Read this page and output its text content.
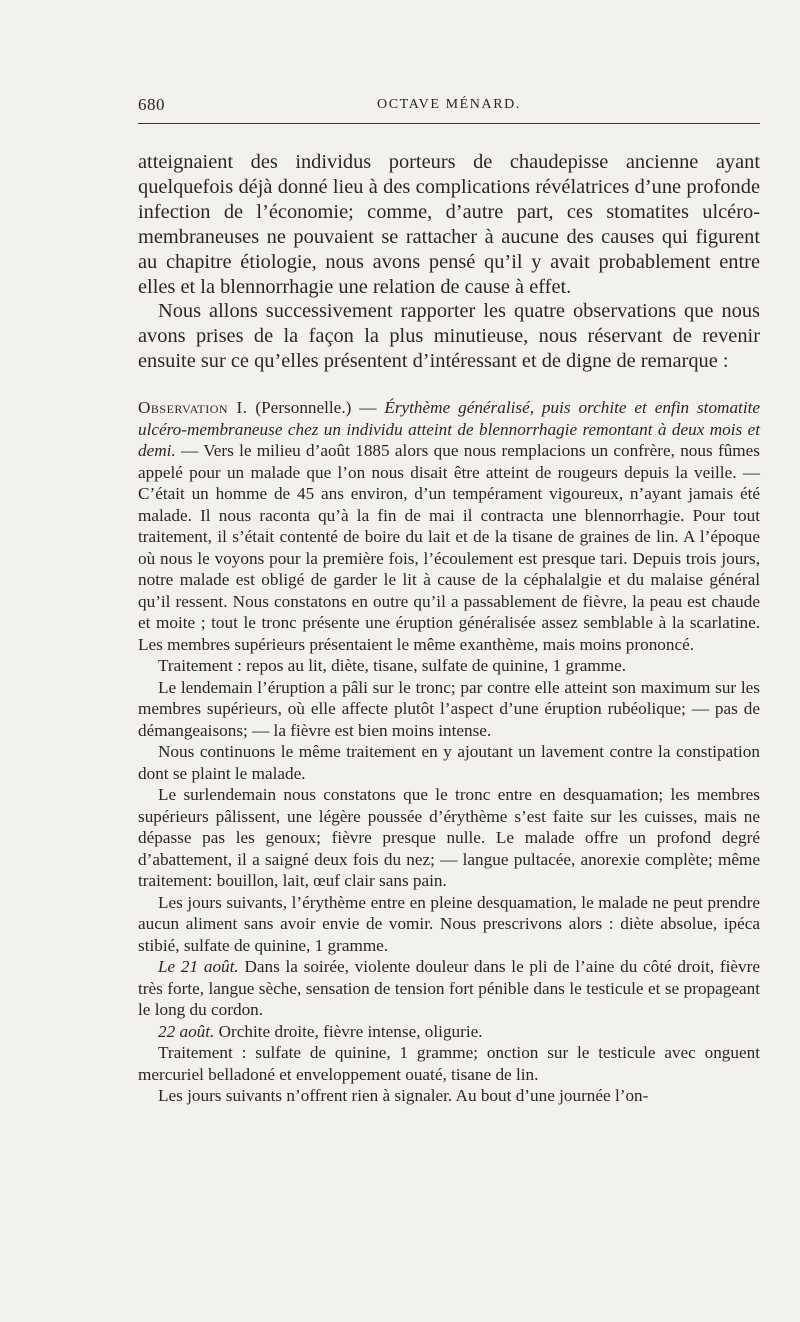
680	OCTAVE MÉNARD.

atteignaient des individus porteurs de chaudepisse ancienne ayant quelquefois déjà donné lieu à des complications révélatrices d’une profonde infection de l’économie; comme, d’autre part, ces stomatites ulcéro-membraneuses ne pouvaient se rattacher à aucune des causes qui figurent au chapitre étiologie, nous avons pensé qu’il y avait probablement entre elles et la blennorrhagie une relation de cause à effet.

Nous allons successivement rapporter les quatre observations que nous avons prises de la façon la plus minutieuse, nous réservant de revenir ensuite sur ce qu’elles présentent d’intéressant et de digne de remarque :

Observation I. (Personnelle.) — Érythème généralisé, puis orchite et enfin stomatite ulcéro-membraneuse chez un individu atteint de blennorrhagie remontant à deux mois et demi. — Vers le milieu d’août 1885 alors que nous remplacions un confrère, nous fûmes appelé pour un malade que l’on nous disait être atteint de rougeurs depuis la veille. — C’était un homme de 45 ans environ, d’un tempérament vigoureux, n’ayant jamais été malade. Il nous raconta qu’à la fin de mai il contracta une blennorrhagie. Pour tout traitement, il s’était contenté de boire du lait et de la tisane de graines de lin. A l’époque où nous le voyons pour la première fois, l’écoulement est presque tari. Depuis trois jours, notre malade est obligé de garder le lit à cause de la céphalalgie et du malaise général qu’il ressent. Nous constatons en outre qu’il a passablement de fièvre, la peau est chaude et moite ; tout le tronc présente une éruption généralisée assez semblable à la scarlatine. Les membres supérieurs présentaient le même exanthème, mais moins prononcé.

Traitement : repos au lit, diète, tisane, sulfate de quinine, 1 gramme.

Le lendemain l’éruption a pâli sur le tronc; par contre elle atteint son maximum sur les membres supérieurs, où elle affecte plutôt l’aspect d’une éruption rubéolique; — pas de démangeaisons; — la fièvre est bien moins intense.

Nous continuons le même traitement en y ajoutant un lavement contre la constipation dont se plaint le malade.

Le surlendemain nous constatons que le tronc entre en desquamation; les membres supérieurs pâlissent, une légère poussée d’érythème s’est faite sur les cuisses, mais ne dépasse pas les genoux; fièvre presque nulle. Le malade offre un profond degré d’abattement, il a saigné deux fois du nez; — langue pultacée, anorexie complète; même traitement: bouillon, lait, œuf clair sans pain.

Les jours suivants, l’érythème entre en pleine desquamation, le malade ne peut prendre aucun aliment sans avoir envie de vomir. Nous prescrivons alors : diète absolue, ipéca stibié, sulfate de quinine, 1 gramme.

Le 21 août. Dans la soirée, violente douleur dans le pli de l’aine du côté droit, fièvre très forte, langue sèche, sensation de tension fort pénible dans le testicule et se propageant le long du cordon.

22 août. Orchite droite, fièvre intense, oligurie.

Traitement : sulfate de quinine, 1 gramme; onction sur le testicule avec onguent mercuriel belladoné et enveloppement ouaté, tisane de lin.

Les jours suivants n’offrent rien à signaler. Au bout d’une journée l’on-
